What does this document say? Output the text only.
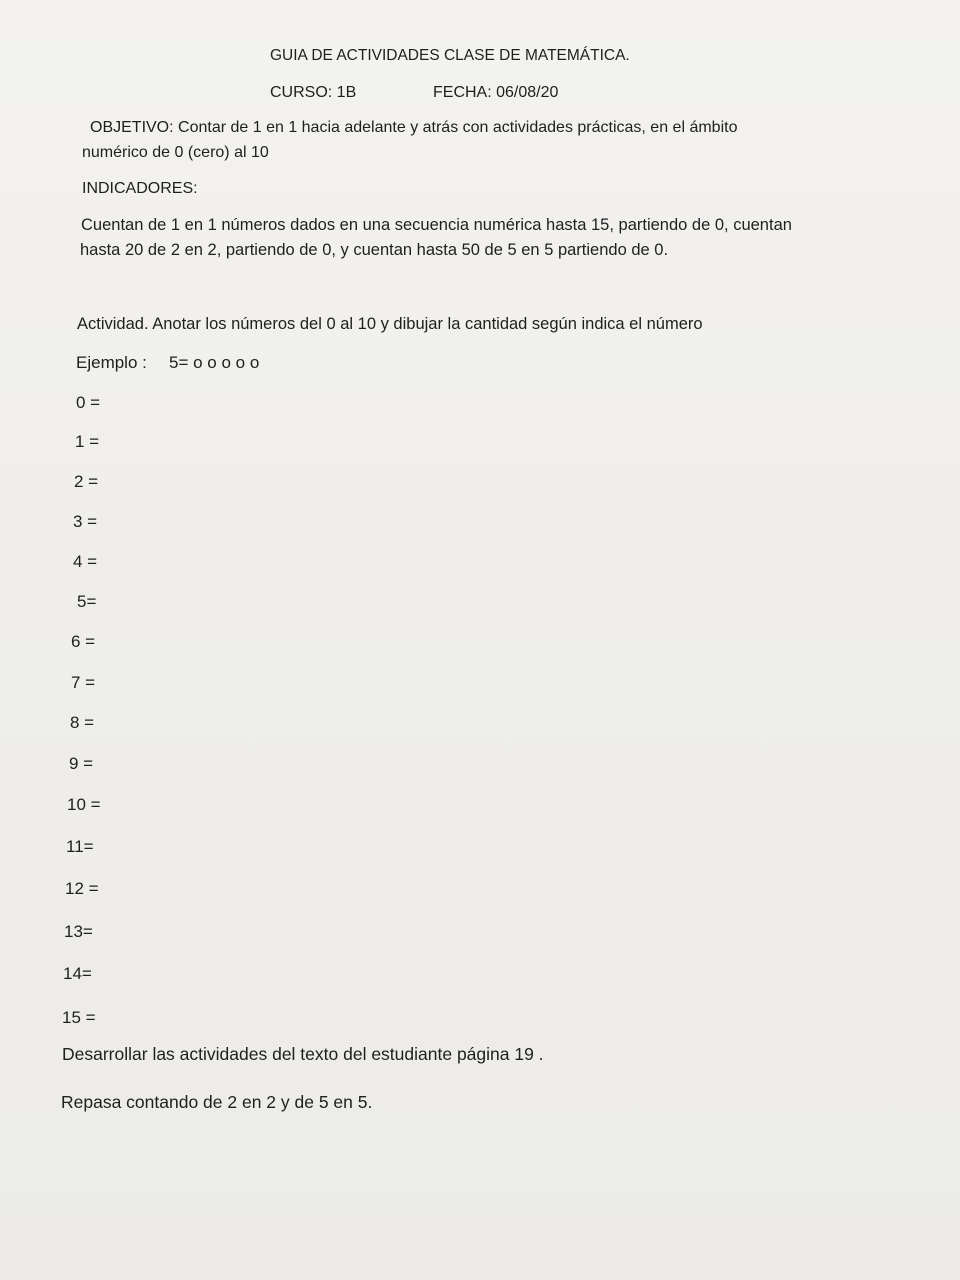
GUIA DE ACTIVIDADES CLASE DE MATEMÁTICA.
CURSO: 1B	FECHA: 06/08/20
OBJETIVO: Contar de 1 en 1 hacia adelante y atrás con actividades prácticas, en el ámbito
numérico de 0 (cero) al 10
INDICADORES:
Cuentan de 1 en 1 números dados en una secuencia numérica hasta 15, partiendo de 0, cuentan
hasta 20 de 2 en 2, partiendo de 0, y cuentan hasta 50 de 5 en 5 partiendo de 0.
Actividad. Anotar los números del 0 al 10 y dibujar la cantidad según indica el número
Ejemplo : 5= o o o o o
0 =
1 =
2 =
3 =
4 =
5=
6 =
7 =
8 =
9 =
10 =
11=
12 =
13=
14=
15 =
Desarrollar las actividades del texto del estudiante página 19 .
Repasa contando de 2 en 2 y de 5 en 5.
